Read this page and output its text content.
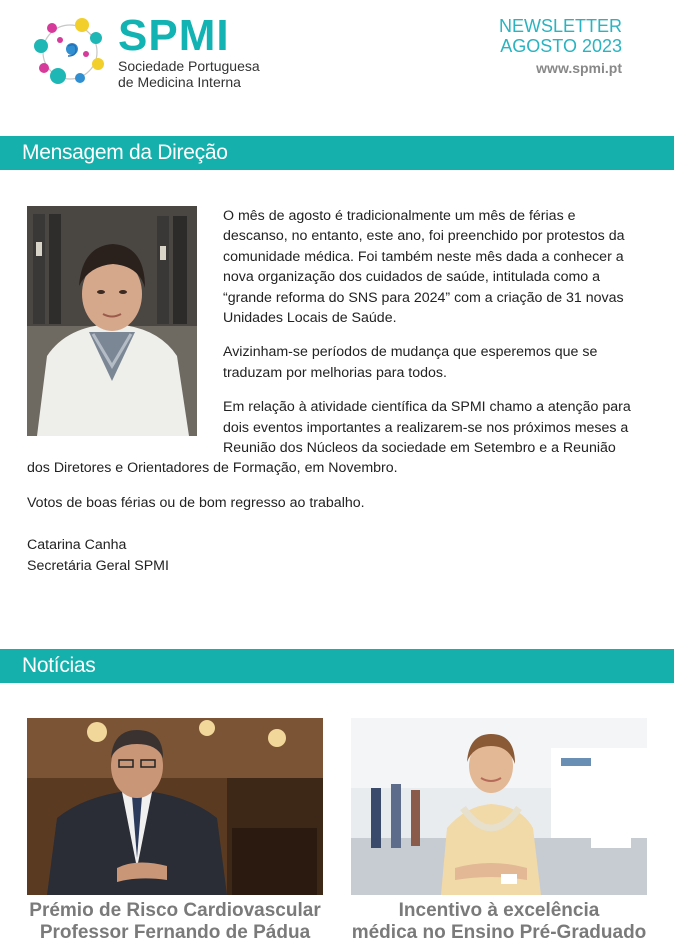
SPMI
Sociedade Portuguesa
de Medicina Interna
NEWSLETTER
AGOSTO 2023
www.spmi.pt
Mensagem da Direção

O mês de agosto é tradicionalmente um mês de férias e descanso, no entanto, este ano, foi preenchido por protestos da comunidade médica. Foi também neste mês dada a conhecer a nova organização dos cuidados de saúde, intitulada como a “grande reforma do SNS para 2024” com a criação de 31 novas Unidades Locais de Saúde.

Avizinham-se períodos de mudança que esperemos que se traduzam por melhorias para todos.

Em relação à atividade científica da SPMI chamo a atenção para dois eventos importantes a realizarem-se nos próximos meses a Reunião dos Núcleos da sociedade em Setembro e a Reunião dos Diretores e Orientadores de Formação, em Novembro.

Votos de boas férias ou de bom regresso ao trabalho.

Catarina Canha
Secretária Geral SPMI
Notícias
Prémio de Risco Cardiovascular
Professor Fernando de Pádua
Incentivo à excelência
médica no Ensino Pré-Graduado
